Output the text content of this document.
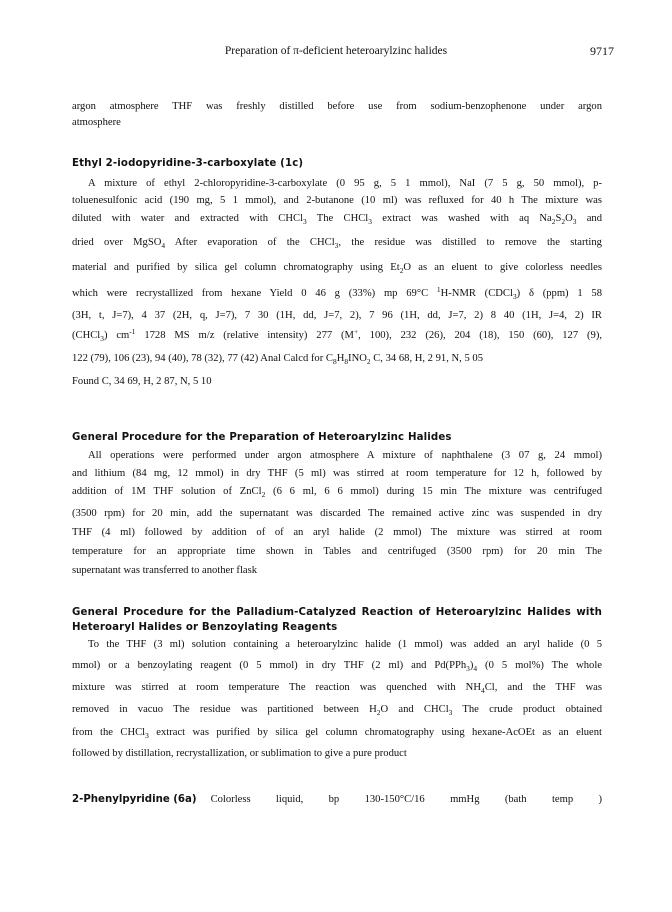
Preparation of π-deficient heteroarylzinc halides	9717
argon atmosphere THF was freshly distilled before use from sodium-benzophenone under argon
atmosphere
Ethyl 2-iodopyridine-3-carboxylate (1c)
A mixture of ethyl 2-chloropyridine-3-carboxylate (0 95 g, 5 1 mmol), NaI (7 5 g, 50 mmol), p-
toluenesulfonic acid (190 mg, 5 1 mmol), and 2-butanone (10 ml) was refluxed for 40 h The mixture was
diluted with water and extracted with CHCl$_3$ The CHCl$_3$ extract was washed with aq $Na_2S_2O_3$ and
dried over MgSO$_4$ After evaporation of the CHCl$_3$, the residue was distilled to remove the starting
material and purified by silica gel column chromatography using $Et_2O$ as an eluent to give colorless needles
which were recrystallized from hexane Yield 0 46 g (33%) mp 69°C $^1$H-NMR (CDCl$_3$) δ (ppm) 1 58
(3H, t, J=7), 4 37 (2H, q, J=7), 7 30 (1H, dd, J=7, 2), 7 96 (1H, dd, J=7, 2) 8 40 (1H, J=4, 2) IR
(CHCl$_3$) $cm^{-1}$ 1728 MS m/z (relative intensity) 277 (M+, 100), 232 (26), 204 (18), 150 (60), 127 (9),
122 (79), 106 (23), 94 (40), 78 (32), 77 (42) Anal Calcd for $C_8H_8INO_2$ C, 34 68, H, 2 91, N, 5 05
Found C, 34 69, H, 2 87, N, 5 10
General Procedure for the Preparation of Heteroarylzinc Halides
All operations were performed under argon atmosphere A mixture of naphthalene (3 07 g, 24 mmol)
and lithium (84 mg, 12 mmol) in dry THF (5 ml) was stirred at room temperature for 12 h, followed by
addition of 1M THF solution of ZnCl$_2$ (6 6 ml, 6 6 mmol) during 15 min The mixture was centrifuged
(3500 rpm) for 20 min, add the supernatant was discarded The remained active zinc was suspended in dry
THF (4 ml) followed by addition of of an aryl halide (2 mmol) The mixture was stirred at room
temperature for an appropriate time shown in Tables and centrifuged (3500 rpm) for 20 min The
supernatant was transferred to another flask
General Procedure for the Palladium-Catalyzed Reaction of Heteroarylzinc Halides with
Heteroaryl Halides or Benzoylating Reagents
To the THF (3 ml) solution containing a heteroarylzinc halide (1 mmol) was added an aryl halide (0 5
mmol) or a benzoylating reagent (0 5 mmol) in dry THF (2 ml) and $Pd(PPh_3)_4$ (0 5 mol%) The whole
mixture was stirred at room temperature The reaction was quenched with $NH_4Cl$, and the THF was
removed in vacuo The residue was partitioned between $H_2O$ and CHCl$_3$ The crude product obtained
from the CHCl$_3$ extract was purified by silica gel column chromatography using hexane-AcOEt as an eluent
followed by distillation, recrystallization, or sublimation to give a pure product
2-Phenylpyridine (6a) Colorless liquid, bp 130-150°C/16 mmHg (bath temp )
